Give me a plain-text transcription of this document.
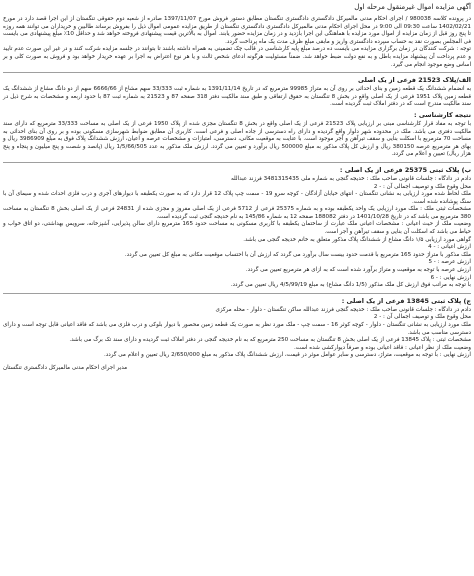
آگهی مزایده اموال غیرمنقول مرحله اول

در پرونده کلاسه 980038 / اجرای احکام مدنی مالمیرکل دادگستری دادگستری تنگستان مطابق دستور فروش مورخ 1397/11/07 صادره از شعبه دوم حقوقی تنگستان از این اجرا قصد دارد در مورخ 1402/02/21 ساعت 09:30 الی 9:00 در محل اجرای احکام مدنی مالمیرکل دادگستری دادگستری تنگستان از طریق مزایده عمومی اموال ذیل را بفروش برساند طالبین و خریداران می توانند همه روزه تا پنج روز قبل از زمان مزایده از اموال مورد مزایده با هماهنگی این اجرا بازدید و در زمان مزایده حضور یابند. اموال به بالاترین قیمت پیشنهادی فروخته خواهد شد و حداقل 10٪ مبلغ پیشنهادی می بایست فی المجلس بصورت نقد به حساب سپرده دادگستری واریز و مابقی مبلغ ظرف مدت یک ماه پرداخت گردد.

توجه : شرکت کنندگان در زمان برگزاری مزایده می بایست ده درصد مبلغ پایه کارشناسی در قالب چک تضمینی به همراه داشته باشند تا بتوانند در جلسه مزایده شرکت کنند و در غیر این صورت عدم تایید و عدم پرداخت آن پیشنهاد مزایده باطل و به نفع دولت ضبط خواهد شد. ضمناً مسئولیت هرگونه ادعای شخص ثالث و یا هر نوع اعتراض به اجرا بر عهده خریدار خواهد بود و فروش به صورت کلی و بر اساس وضع موجود انجام می گیرد.

الف/پلاک 21523 فرعی از یک اصلی

به انضمام ششدانگ یک قطعه زمین و بنای احداثی بر روی آن به متراژ 99985 مترمربع که در تاریخ 1391/11/14 به شماره ثبت 33/333 سهم مشاع از 6666/66 سهم از دو دانگ مشاع از ششدانگ یک قطعه زمین پلاک 1951 فرعی از یک اصلی واقع در بخش 8 تنگستان به حقوق ارتفاقی و طبق سند مالکیت دفتر 318 صفحه 87 و 21523 به شماره ثبت 87 با حدود اربعه و مشخصات به شرح ذیل در سند مالکیت مندرج است که در دفتر املاک ثبت گردیده است.

نتیجه کارشناسی :

با توجه به مفاد قرار کارشناسی مبنی بر ارزیابی پلاک 21523 فرعی از یک اصلی واقع در بخش 8 تنگستان مجزی شده از پلاک 1950 فرعی از یک اصلی به مساحت 33/333 مترمربع که دارای سند مالکیت دفتری می باشد. ملک در محدوده شهر دلوار واقع گردیده و دارای راه دسترسی از جاده اصلی و فرعی است. کاربری آن مطابق ضوابط شهرسازی مسکونی بوده و بر روی آن بنای احداثی به مساحت 70 مترمربع با اسکلت بنایی و سقف تیرآهن و آجر موجود است. با عنایت به موقعیت مکانی، دسترسی، امتیازات و مشخصات عرصه و اعیان، ارزش ششدانگ پلاک فوق به مبلغ 3986909 ریال و بهای هر مترمربع عرصه 380150 ریال و ارزش کل پلاک مذکور به مبلغ 500000 ریال برآورد و تعیین می گردد. ارزش ملک مذکور به عدد 1/5/66/505 ریال (پانصد و شصت و پنج میلیون و پنجاه و پنج هزار ریال) تعیین و اعلام می گردد.

ب) پلاک ثبتی 25375 فرعی از یک اصلی :

دادم در دادگاه : جلسات قانونی صاحب ملک : خدیجه گنجی به شماره ملی 3481315435 فرزند عبدالله
محل وقوع ملک و توصیف اجمالی آن : - 2
ملک لحاظ شده مورد ارزیابی به نشانی تنگستان - انتهای خیابان آزادگان - کوچه سرو 19 - سمت چپ پلاک 12 قرار دارد که به صورت یکطبقه با دیوارهای آجری و درب فلزی احداث شده و سیمای آن با سنگ پوشانده شده است.
مشخصات ثبتی ملک : ملک مورد ارزیابی یک واحد یکطبقه بوده و به شماره 25375 فرعی از 5712 فرعی از یک اصلی مفروز و مجزی شده از 24831 فرعی از یک اصلی بخش 8 تنگستان به مساحت 380 مترمربع می باشد که در تاریخ 1401/10/28 در دفتر 188082 صفحه 12 به شماره 145/86 به نام خدیجه گنجی ثبت گردیده است.
وضعیت ملک از حیث اعیانی : مشخصات اعیانی ملک عبارت از ساختمان یکطبقه با کاربری مسکونی به مساحت حدود 165 مترمربع دارای سالن پذیرایی، آشپزخانه، سرویس بهداشتی، دو اتاق خواب و حیاط می باشد که اسکلت آن بنایی و سقف تیرآهن و آجر است.
گواهی مورد ارزیابی ۱/۵ دانگ مشاع از ششدانگ پلاک مذکور متعلق به خانم خدیجه گنجی می باشد.
ارزش اعیانی : - 4
ملک مذکور با متراژ حدود 165 مترمربع با قدمت حدود بیست سال برآورد می گردد که ارزش آن با احتساب موقعیت مکانی به مبلغ کل تعیین می گردد.
ارزش عرصه : - 5
ارزش عرصه با توجه به موقعیت و متراژ برآورد شده است که به ازای هر مترمربع تعیین می گردد.
ارزش نهایی : - 6
با توجه به مراتب فوق ارزش کل ملک مذکور (1/5 دانگ مشاع) به مبلغ 4/5/99/19 ریال تعیین می گردد.

ج) پلاک ثبتی 13845 فرعی از یک اصلی :

دادم در دادگاه : جلسات قانونی صاحب ملک : خدیجه گنجی فرزند عبدالله ساکن تنگستان - دلوار - محله مرکزی
محل وقوع ملک و توصیف اجمالی آن : - 2
ملک مورد ارزیابی به نشانی تنگستان - دلوار - کوچه کوثر 16 - سمت چپ - ملک مورد نظر به صورت یک قطعه زمین محصور با دیوار بلوکی و درب فلزی می باشد که فاقد اعیانی قابل توجه است و دارای دسترسی مناسب می باشد.
مشخصات ثبتی : پلاک 13845 فرعی از یک اصلی بخش 8 تنگستان به مساحت 250 مترمربع که به نام خدیجه گنجی در دفتر املاک ثبت گردیده و دارای سند تک برگ می باشد.
وضعیت ملک از نظر اعیانی : فاقد اعیانی بوده و صرفاً دیوارکشی شده است.
ارزش نهایی : با توجه به موقعیت، متراژ، دسترسی و سایر عوامل موثر در قیمت، ارزش ششدانگ پلاک مذکور به مبلغ 2/650/000 ریال تعیین و اعلام می گردد.

مدیر اجرای احکام مدنی مالمیرکل دادگستری تنگستان
